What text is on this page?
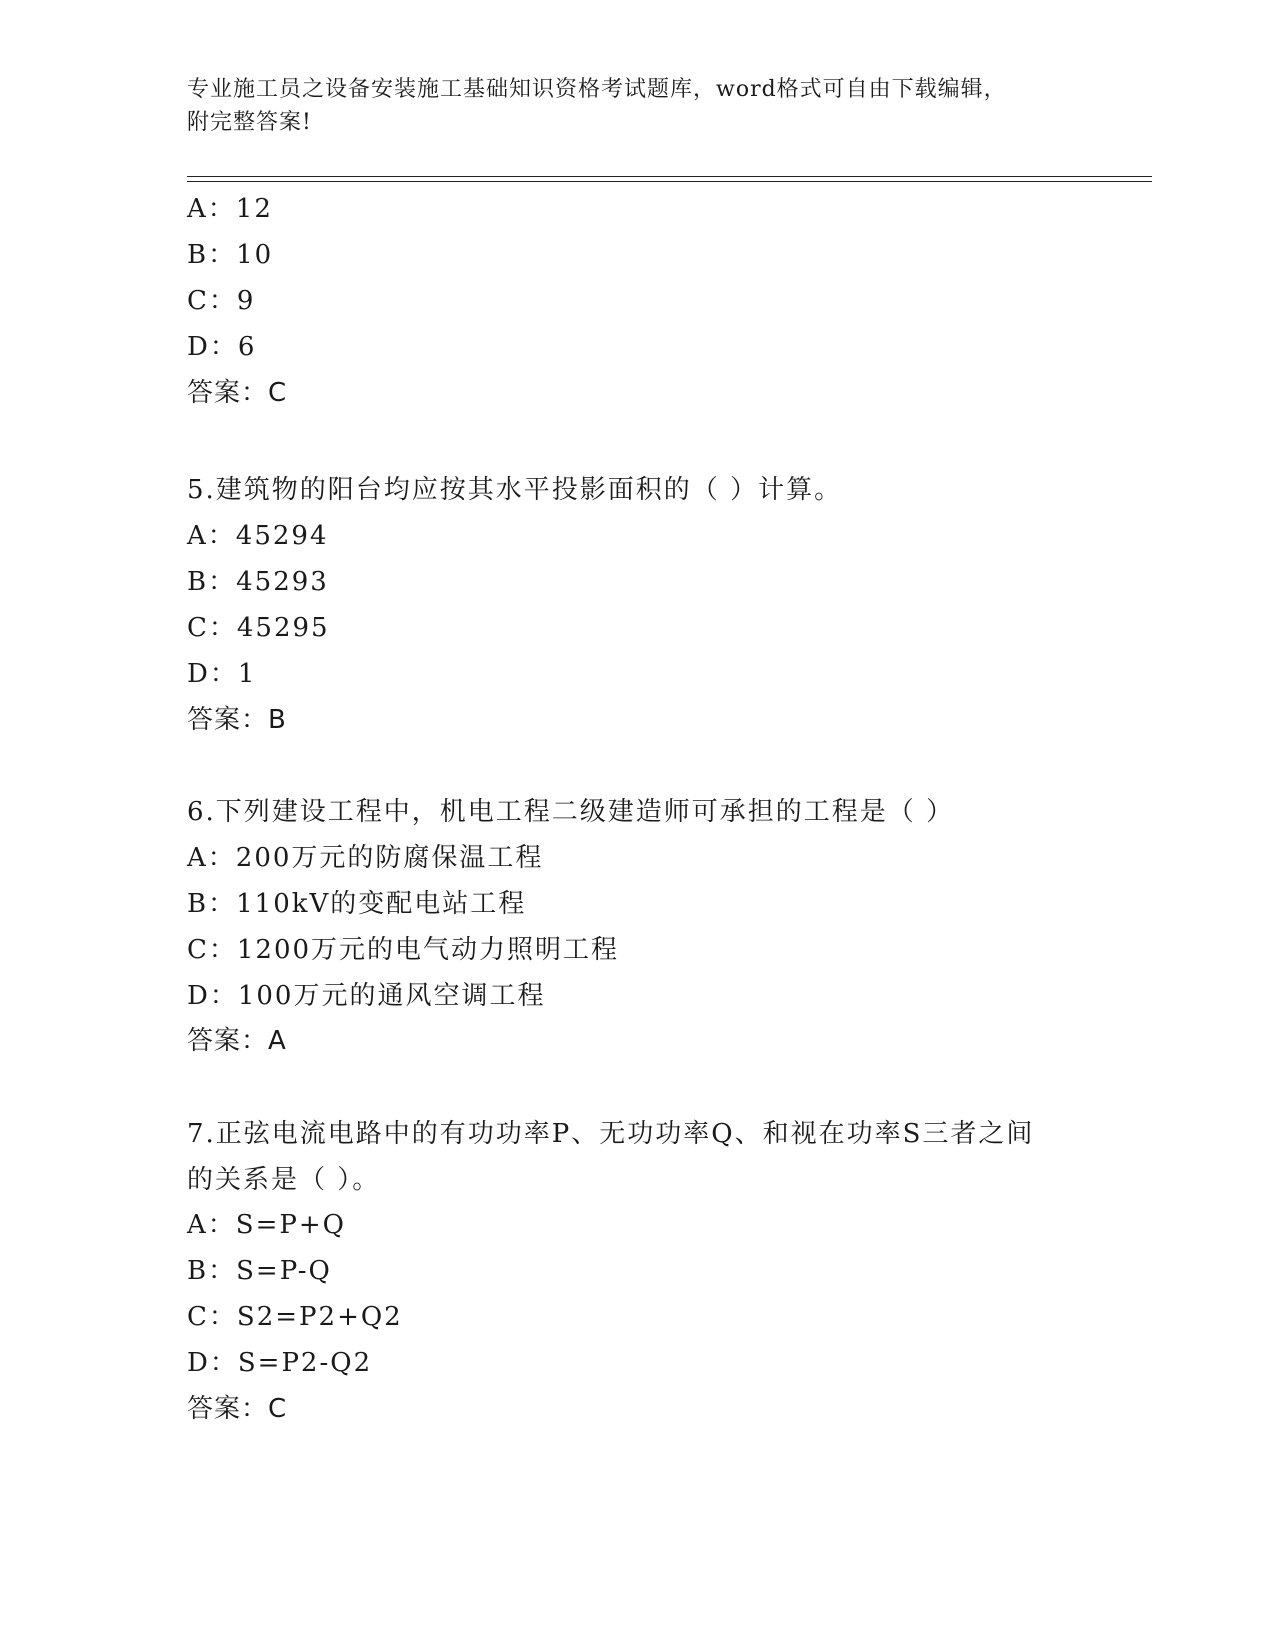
专业施工员之设备安装施工基础知识资格考试题库，word格式可自由下载编辑，
附完整答案!
A：12
B：10
C：9
D：6
答案：C
5.建筑物的阳台均应按其水平投影面积的（ ）计算。
A：45294
B：45293
C：45295
D：1
答案：B
6.下列建设工程中，机电工程二级建造师可承担的工程是（ ）
A：200万元的防腐保温工程
B：110kV的变配电站工程
C：1200万元的电气动力照明工程
D：100万元的通风空调工程
答案：A
7.正弦电流电路中的有功功率P、无功功率Q、和视在功率S三者之间
的关系是（ ）。
A：S=P+Q
B：S=P-Q
C：S2=P2+Q2
D：S=P2-Q2
答案：C
